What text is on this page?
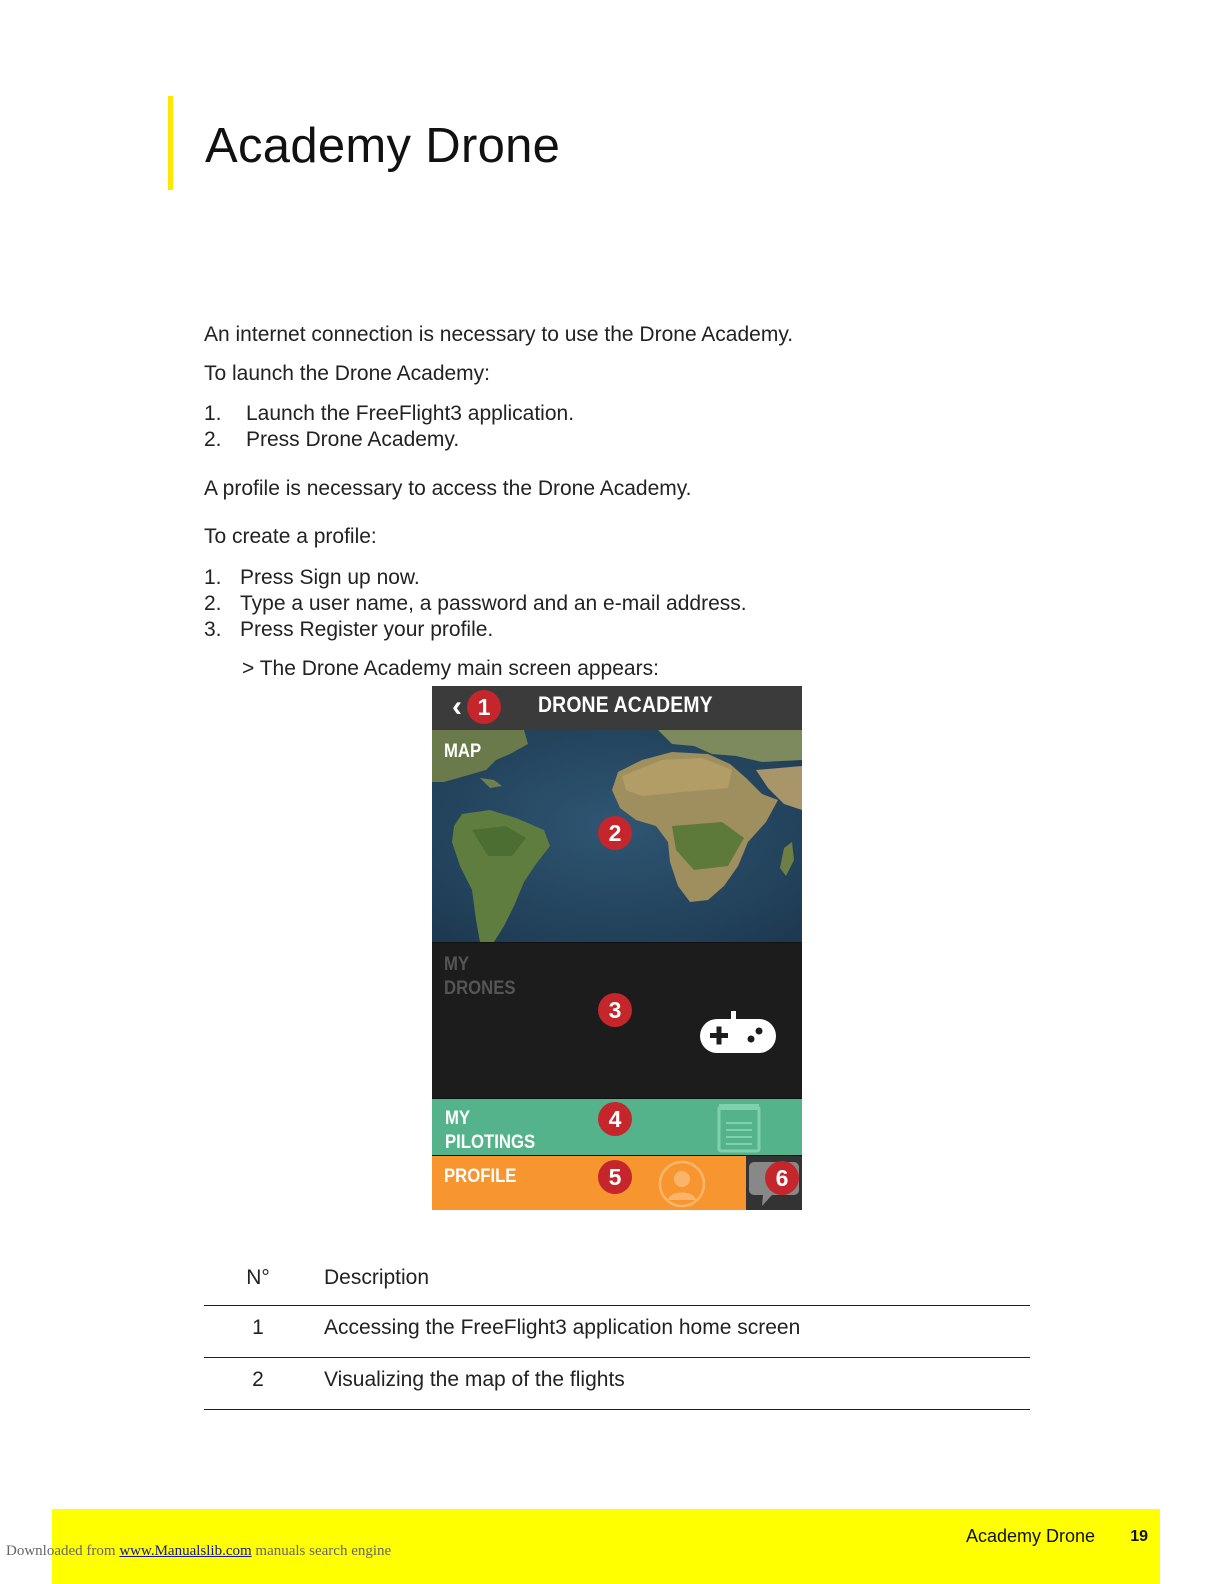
Academy Drone

An internet connection is necessary to use the Drone Academy.

To launch the Drone Academy:

1.	Launch the FreeFlight3 application.
2.	Press Drone Academy.

A profile is necessary to access the Drone Academy.

To create a profile:

1. Press Sign up now.
2. Type a user name, a password and an e-mail address.
3. Press Register your profile.

> The Drone Academy main screen appears:

‹	DRONE ACADEMY
1
MAP
2
MY
DRONES
3
MY
PILOTINGS
4
PROFILE	5	6
N°	Description
1	Accessing the FreeFlight3 application home screen
2	Visualizing the map of the flights
Academy Drone 19
Downloaded from www.Manualslib.com manuals search engine
